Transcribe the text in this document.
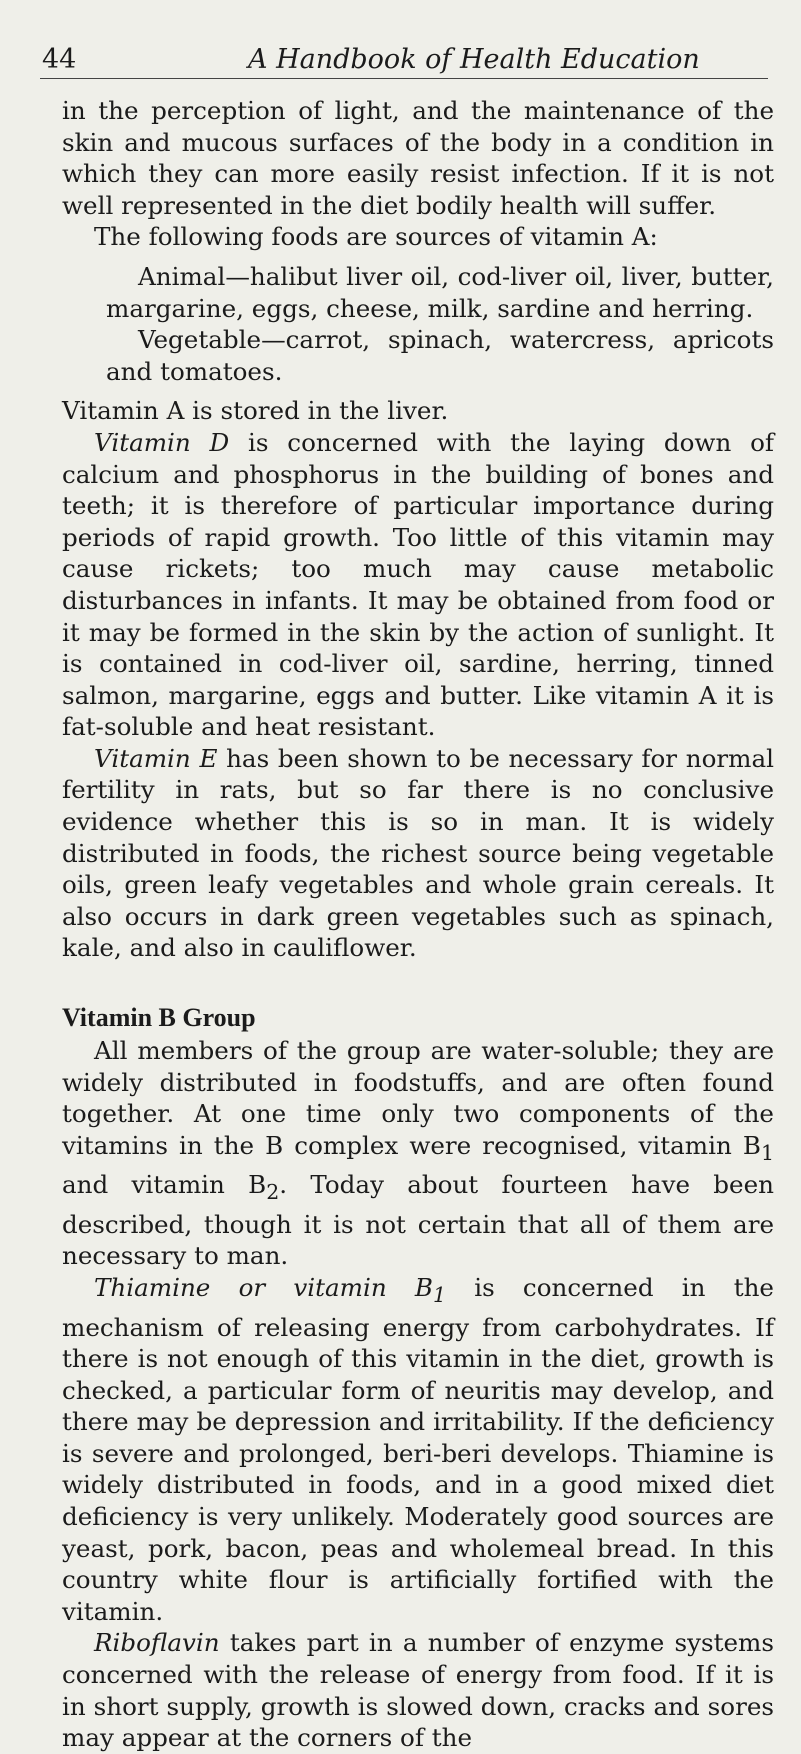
44	A Handbook of Health Education

in the perception of light, and the maintenance of the skin and mucous surfaces of the body in a condition in which they can more easily resist infection. If it is not well represented in the diet bodily health will suffer.

The following foods are sources of vitamin A:

Animal—halibut liver oil, cod-liver oil, liver, butter, margarine, eggs, cheese, milk, sardine and herring.

Vegetable—carrot, spinach, watercress, apricots and tomatoes.

Vitamin A is stored in the liver.

Vitamin D is concerned with the laying down of calcium and phosphorus in the building of bones and teeth; it is therefore of particular importance during periods of rapid growth. Too little of this vitamin may cause rickets; too much may cause metabolic disturbances in infants. It may be obtained from food or it may be formed in the skin by the action of sunlight. It is contained in cod-liver oil, sardine, herring, tinned salmon, margarine, eggs and butter. Like vitamin A it is fat-soluble and heat resistant.

Vitamin E has been shown to be necessary for normal fertility in rats, but so far there is no conclusive evidence whether this is so in man. It is widely distributed in foods, the richest source being vegetable oils, green leafy vegetables and whole grain cereals. It also occurs in dark green vegetables such as spinach, kale, and also in cauliflower.

Vitamin B Group

All members of the group are water-soluble; they are widely distributed in foodstuffs, and are often found together. At one time only two components of the vitamins in the B complex were recognised, vitamin $B_1$ and vitamin $B_2$. Today about fourteen have been described, though it is not certain that all of them are necessary to man.

Thiamine or vitamin $B_1$ is concerned in the mechanism of releasing energy from carbohydrates. If there is not enough of this vitamin in the diet, growth is checked, a particular form of neuritis may develop, and there may be depression and irritability. If the deficiency is severe and prolonged, beri-beri develops. Thiamine is widely distributed in foods, and in a good mixed diet deficiency is very unlikely. Moderately good sources are yeast, pork, bacon, peas and wholemeal bread. In this country white flour is artificially fortified with the vitamin.

Riboflavin takes part in a number of enzyme systems concerned with the release of energy from food. If it is in short supply, growth is slowed down, cracks and sores may appear at the corners of the
